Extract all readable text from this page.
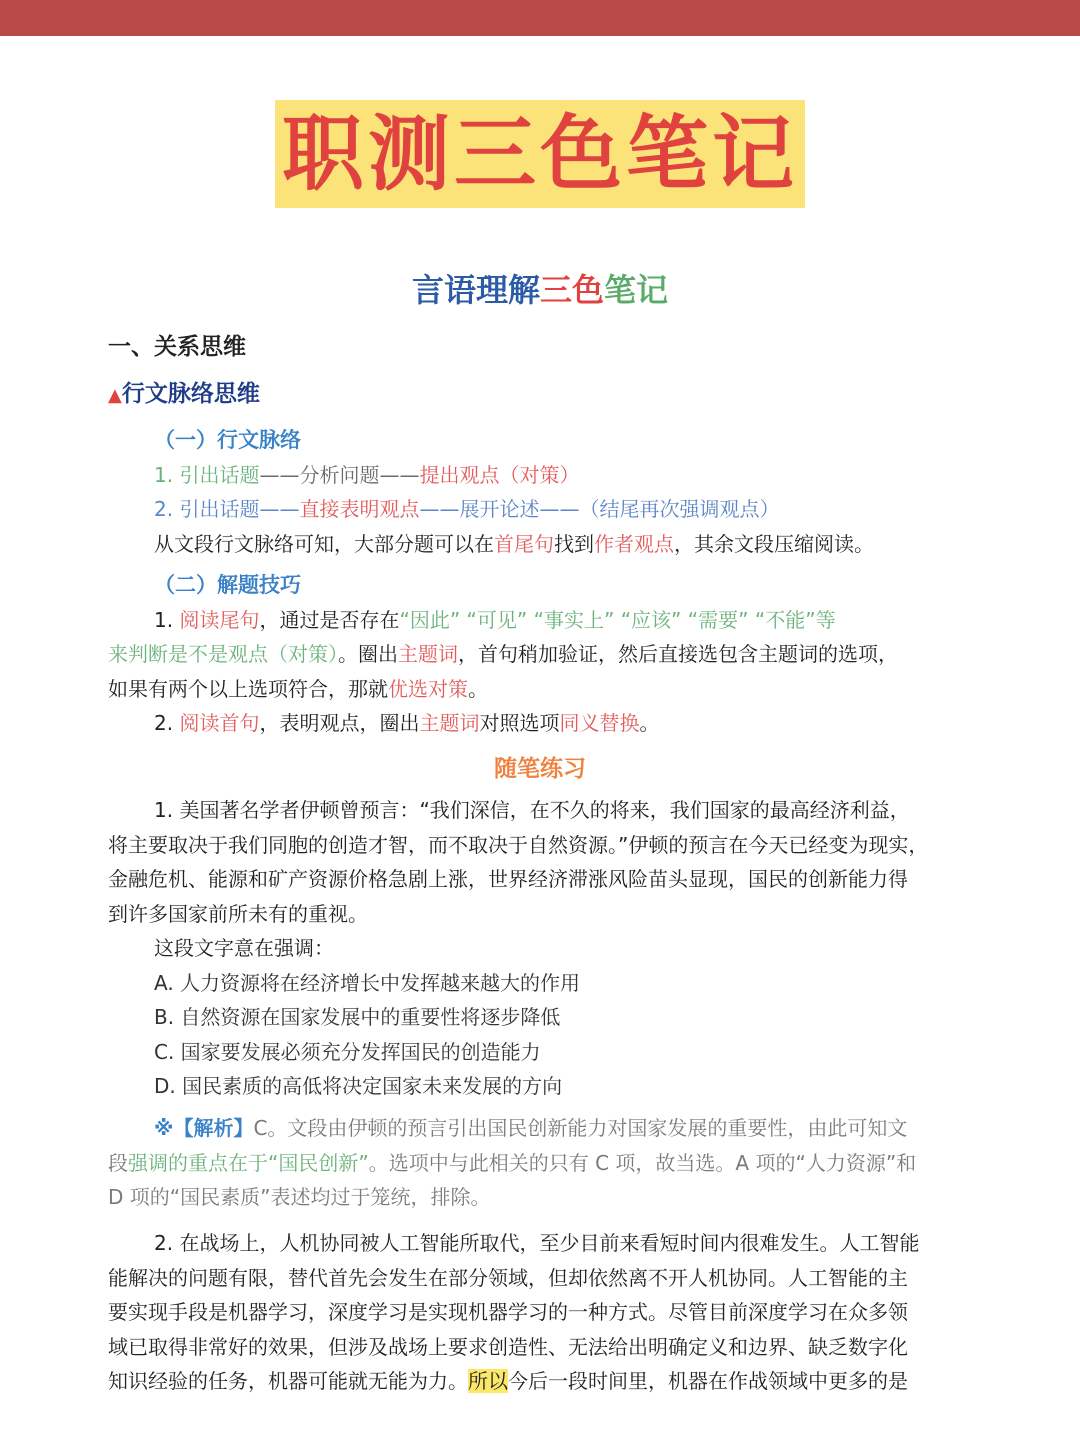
职测三色笔记
言语理解三色笔记
一、关系思维
▲行文脉络思维
（一）行文脉络
1. 引出话题——分析问题——提出观点（对策）
2. 引出话题——直接表明观点——展开论述——（结尾再次强调观点）
从文段行文脉络可知，大部分题可以在首尾句找到作者观点，其余文段压缩阅读。
（二）解题技巧
1. 阅读尾句，通过是否存在“因此” “可见” “事实上” “应该” “需要” “不能”等
来判断是不是观点（对策）。圈出主题词，首句稍加验证，然后直接选包含主题词的选项，
如果有两个以上选项符合，那就优选对策。
2. 阅读首句，表明观点，圈出主题词对照选项同义替换。
随笔练习
1. 美国著名学者伊顿曾预言：“我们深信，在不久的将来，我们国家的最高经济利益，
将主要取决于我们同胞的创造才智，而不取决于自然资源。”伊顿的预言在今天已经变为现实，
金融危机、能源和矿产资源价格急剧上涨，世界经济滞涨风险苗头显现，国民的创新能力得
到许多国家前所未有的重视。
这段文字意在强调：
A. 人力资源将在经济增长中发挥越来越大的作用
B. 自然资源在国家发展中的重要性将逐步降低
C. 国家要发展必须充分发挥国民的创造能力
D. 国民素质的高低将决定国家未来发展的方向
※【解析】C。文段由伊顿的预言引出国民创新能力对国家发展的重要性，由此可知文
段强调的重点在于“国民创新”。选项中与此相关的只有 C 项，故当选。A 项的“人力资源”和
D 项的“国民素质”表述均过于笼统，排除。
2. 在战场上，人机协同被人工智能所取代，至少目前来看短时间内很难发生。人工智能
能解决的问题有限，替代首先会发生在部分领域，但却依然离不开人机协同。人工智能的主
要实现手段是机器学习，深度学习是实现机器学习的一种方式。尽管目前深度学习在众多领
域已取得非常好的效果，但涉及战场上要求创造性、无法给出明确定义和边界、缺乏数字化
知识经验的任务，机器可能就无能为力。所以今后一段时间里，机器在作战领域中更多的是
